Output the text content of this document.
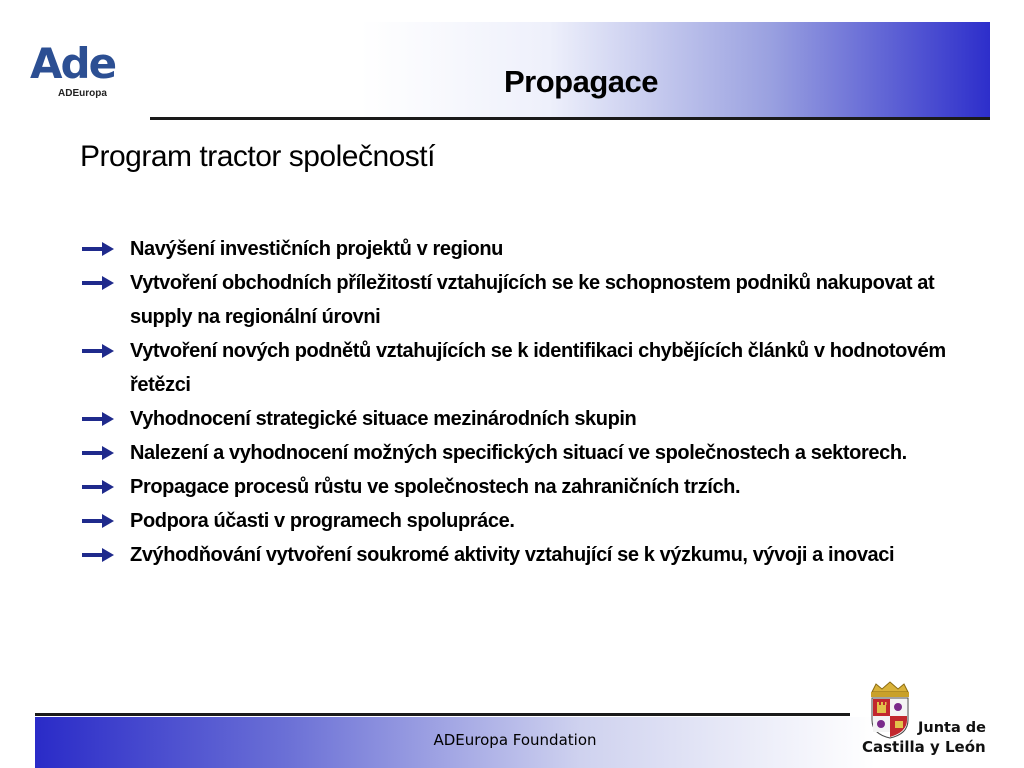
Ade
ADEuropa	Propagace
Program tractor společností
Navýšení investičních projektů v regionu
Vytvoření obchodních příležitostí vztahujících se ke schopnostem podniků nakupovat at supply na regionální úrovni
Vytvoření nových podnětů vztahujících se k identifikaci chybějících článků v hodnotovém řetězci
Vyhodnocení strategické situace mezinárodních skupin
Nalezení a vyhodnocení možných specifických situací ve společnostech a sektorech.
Propagace procesů růstu ve společnostech na zahraničních trzích.
Podpora účasti v programech spolupráce.
Zvýhodňování vytvoření soukromé aktivity vztahující se k výzkumu, vývoji a inovaci
ADEuropa Foundation
Junta de
Castilla y León
